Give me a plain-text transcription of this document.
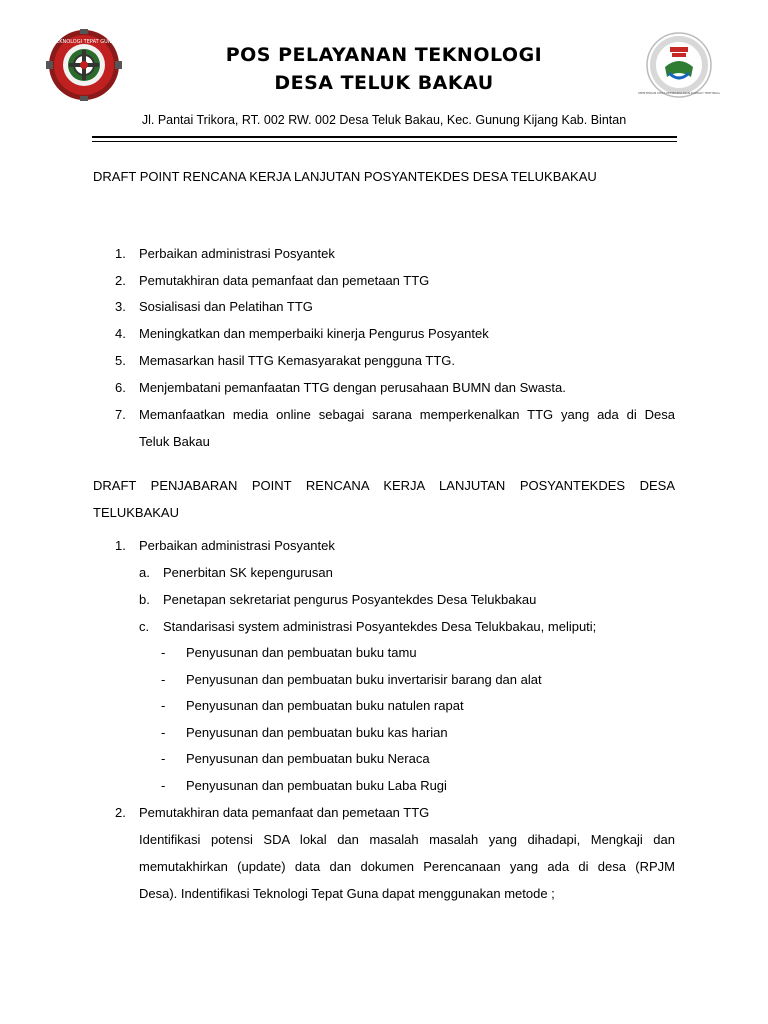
TEKNOLOGI TEPAT GUNA
KEMENTERIAN DESA PEMBANGUNAN DAERAH TERTINGGAL
POS PELAYANAN TEKNOLOGI
DESA TELUK BAKAU
Jl. Pantai Trikora, RT. 002 RW. 002 Desa Teluk Bakau, Kec. Gunung Kijang Kab. Bintan
DRAFT POINT RENCANA KERJA LANJUTAN POSYANTEKDES DESA TELUKBAKAU
1. Perbaikan administrasi Posyantek
2. Pemutakhiran data pemanfaat dan pemetaan TTG
3. Sosialisasi dan Pelatihan TTG
4. Meningkatkan dan memperbaiki kinerja Pengurus Posyantek
5. Memasarkan hasil TTG Kemasyarakat pengguna TTG.
6. Menjembatani pemanfaatan TTG dengan perusahaan BUMN dan Swasta.
7. Memanfaatkan media online sebagai sarana memperkenalkan TTG yang ada di Desa
Teluk Bakau
DRAFT PENJABARAN POINT RENCANA KERJA LANJUTAN POSYANTEKDES DESA
TELUKBAKAU
1. Perbaikan administrasi Posyantek
a. Penerbitan SK kepengurusan
b. Penetapan sekretariat pengurus Posyantekdes Desa Telukbakau
c. Standarisasi system administrasi Posyantekdes Desa Telukbakau, meliputi;
- Penyusunan dan pembuatan buku tamu
- Penyusunan dan pembuatan buku invertarisir barang dan alat
- Penyusunan dan pembuatan buku natulen rapat
- Penyusunan dan pembuatan buku kas harian
- Penyusunan dan pembuatan buku Neraca
- Penyusunan dan pembuatan buku Laba Rugi
2. Pemutakhiran data pemanfaat dan pemetaan TTG
Identifikasi potensi SDA lokal dan masalah masalah yang dihadapi, Mengkaji dan
memutakhirkan (update) data dan dokumen Perencanaan yang ada di desa (RPJM
Desa). Indentifikasi Teknologi Tepat Guna dapat menggunakan metode ;
